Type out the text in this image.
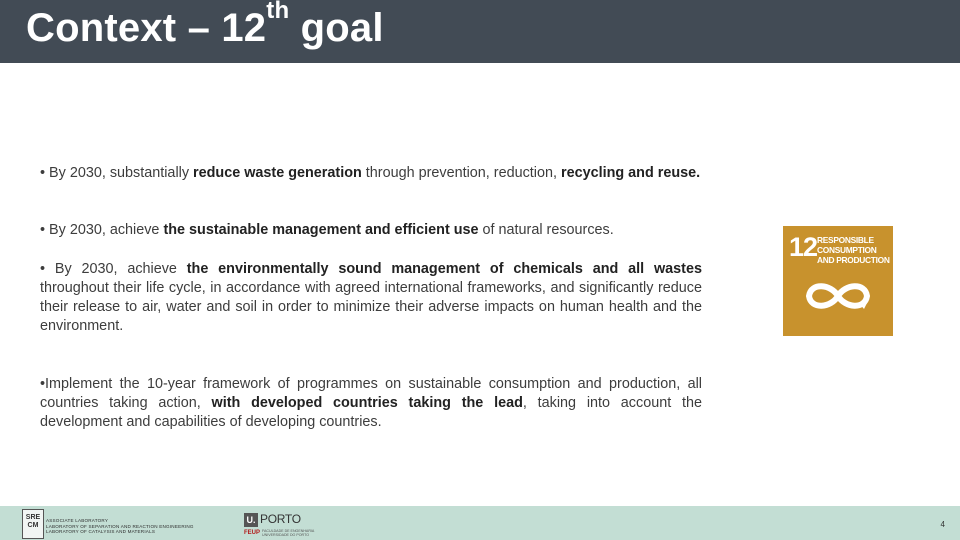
Context – 12th goal
• By 2030, substantially reduce waste generation through prevention, reduction, recycling and reuse.
• By 2030, achieve the sustainable management and efficient use of natural resources.
• By 2030, achieve the environmentally sound management of chemicals and all wastes throughout their life cycle, in accordance with agreed international frameworks, and significantly reduce their release to air, water and soil in order to minimize their adverse impacts on human health and the environment.
•Implement the 10-year framework of programmes on sustainable consumption and production, all countries taking action, with developed countries taking the lead, taking into account the development and capabilities of developing countries.
12 RESPONSIBLE
CONSUMPTION
AND PRODUCTION
SRE
CM
ASSOCIATE LABORATORY
LABORATORY OF SEPARATION AND REACTION ENGINEERING
LABORATORY OF CATALYSIS AND MATERIALS
U. PORTO
FEUP FACULDADE DE ENGENHARIA
UNIVERSIDADE DO PORTO
4
